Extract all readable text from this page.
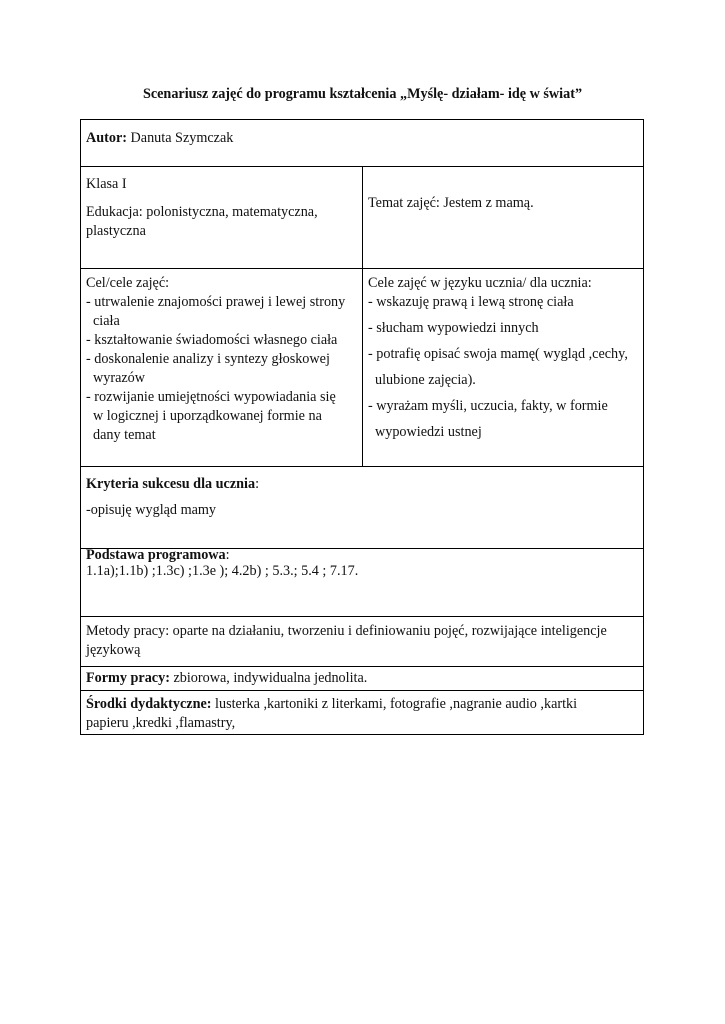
Scenariusz zajęć do programu kształcenia „Myślę- działam- idę w świat”
Autor: Danuta Szymczak

Klasa I

Edukacja: polonistyczna, matematyczna,

plastyczna

Temat zajęć: Jestem z mamą.

Cel/cele zajęć:

- utrwalenie znajomości prawej i lewej strony

ciała

- kształtowanie świadomości własnego ciała

- doskonalenie analizy i syntezy głoskowej

wyrazów

- rozwijanie umiejętności wypowiadania się

w logicznej i uporządkowanej formie na

dany temat

Cele zajęć w języku ucznia/ dla ucznia:

- wskazuję prawą i lewą stronę ciała

- słucham wypowiedzi innych

- potrafię opisać swoja mamę( wygląd ,cechy,

ulubione zajęcia).

- wyrażam myśli, uczucia, fakty, w formie

wypowiedzi ustnej

Kryteria sukcesu dla ucznia:

-opisuję wygląd mamy

Podstawa programowa:

1.1a);1.1b) ;1.3c) ;1.3e ); 4.2b) ; 5.3.; 5.4 ; 7.17.

Metody pracy: oparte na działaniu, tworzeniu i definiowaniu pojęć, rozwijające inteligencje

językową

Formy pracy: zbiorowa, indywidualna jednolita.

Środki dydaktyczne: lusterka ,kartoniki z literkami, fotografie ,nagranie audio ,kartki

papieru ,kredki ,flamastry,
